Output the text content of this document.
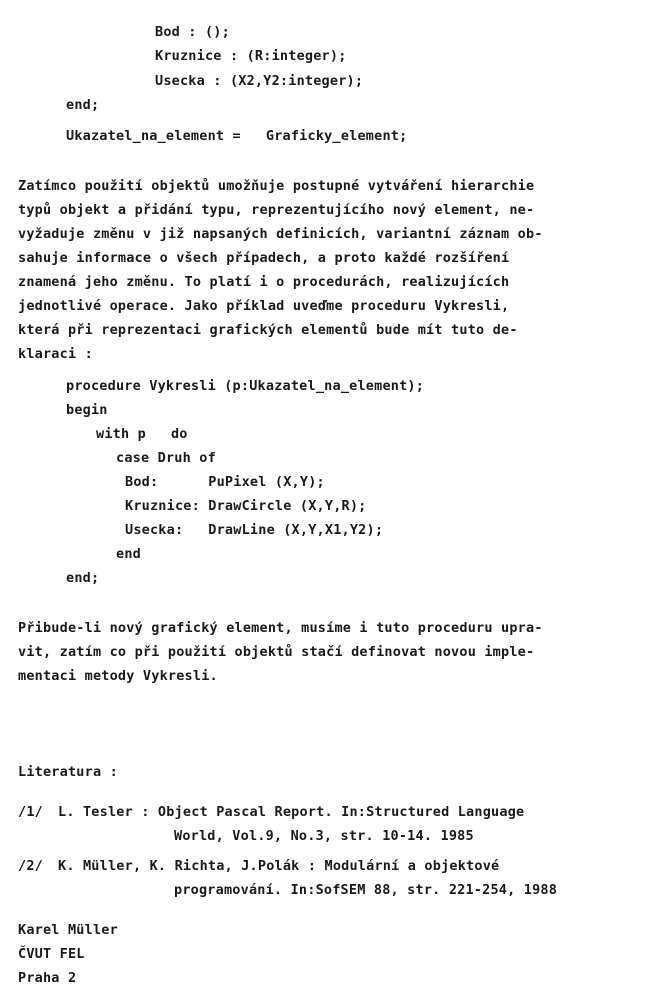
Bod : ();
Kruznice : (R:integer);
Usecka : (X2,Y2:integer);
end;
Ukazatel_na_element =   Graficky_element;
Zatímco použití objektů umožňuje postupné vytváření hierarchie
typů objekt a přidání typu, reprezentujícího nový element, ne-
vyžaduje změnu v již napsaných definicích, variantní záznam ob-
sahuje informace o všech případech, a proto každé rozšíření
znamená jeho změnu. To platí i o procedurách, realizujících
jednotlivé operace. Jako příklad uveďme proceduru Vykresli,
která při reprezentaci grafických elementů bude mít tuto de-
klaraci :
procedure Vykresli (p:Ukazatel_na_element);
begin
with p   do
case Druh of
Bod:      PuPixel (X,Y);
Kruznice: DrawCircle (X,Y,R);
Usecka:   DrawLine (X,Y,X1,Y2);
end
end;
Přibude-li nový grafický element, musíme i tuto proceduru upra-
vit, zatím co při použití objektů stačí definovat novou imple-
mentaci metody Vykresli.
Literatura :
/1/ L. Tesler : Object Pascal Report. In:Structured Language
World, Vol.9, No.3, str. 10-14. 1985
/2/ K. Müller, K. Richta, J.Polák : Modulární a objektové
programování. In:SofSEM 88, str. 221-254, 1988
Karel Müller
ČVUT FEL
Praha 2
